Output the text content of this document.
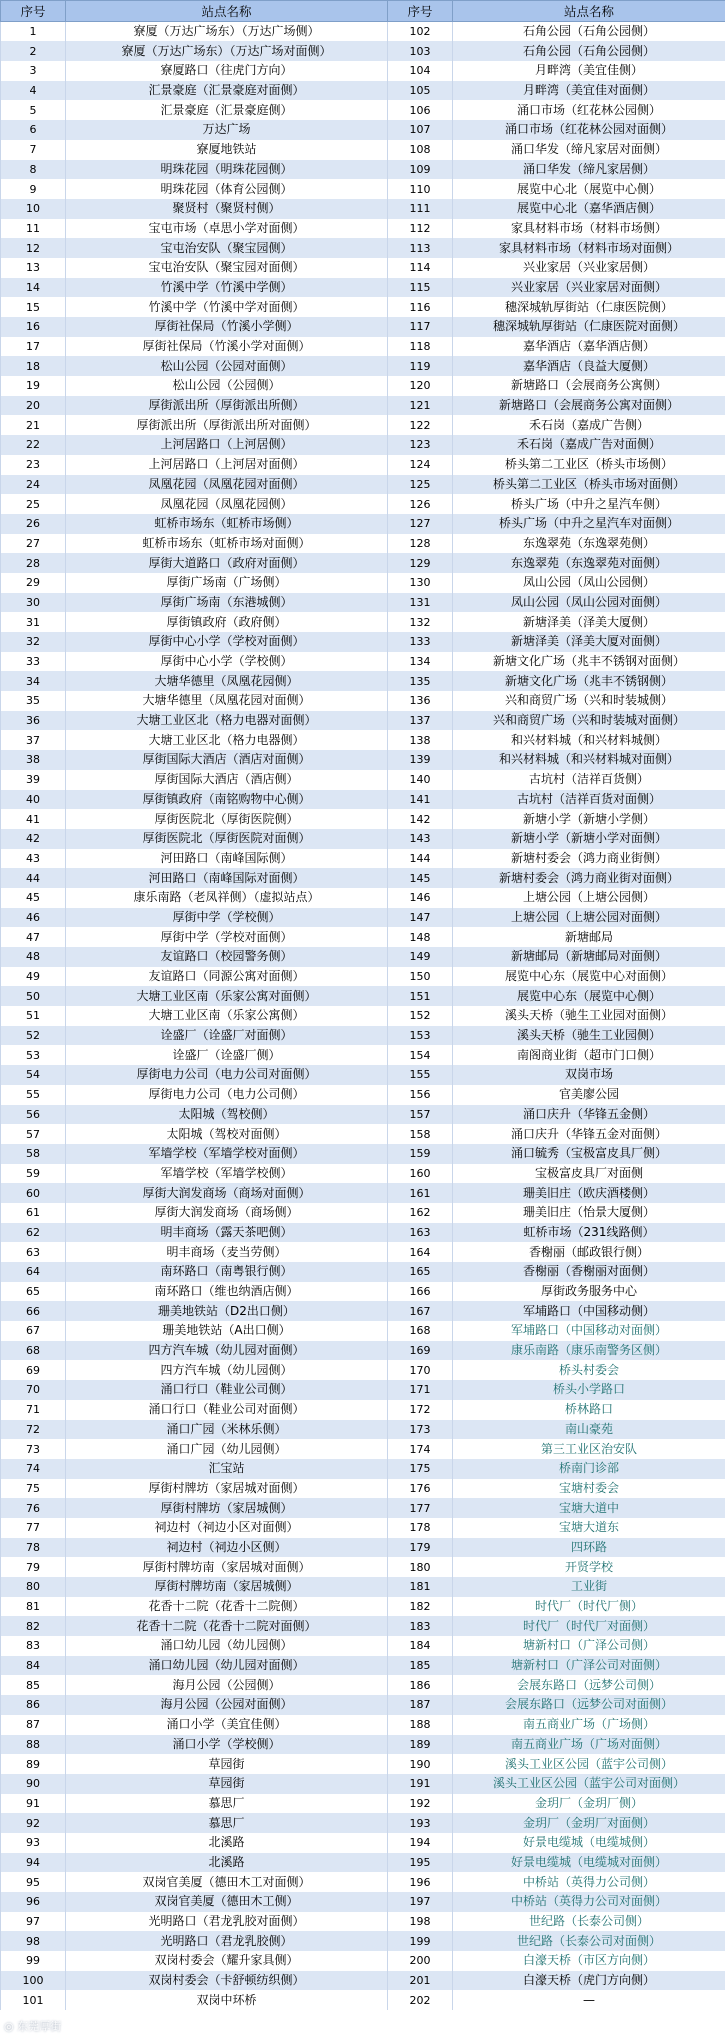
序号	站点名称	序号	站点名称
1	寮厦（万达广场东）（万达广场侧）	102	石角公园（石角公园侧）
2	寮厦（万达广场东）（万达广场对面侧）	103	石角公园（石角公园侧）
3	寮厦路口（往虎门方向）	104	月畔湾（美宜佳侧）
4	汇景豪庭（汇景豪庭对面侧）	105	月畔湾（美宜佳对面侧）
5	汇景豪庭（汇景豪庭侧）	106	涌口市场（红花林公园侧）
6	万达广场	107	涌口市场（红花林公园对面侧）
7	寮厦地铁站	108	涌口华发（缔凡家居对面侧）
8	明珠花园（明珠花园侧）	109	涌口华发（缔凡家居侧）
9	明珠花园（体育公园侧）	110	展览中心北（展览中心侧）
10	聚贤村（聚贤村侧）	111	展览中心北（嘉华酒店侧）
11	宝屯市场（卓思小学对面侧）	112	家具材料市场（材料市场侧）
12	宝屯治安队（聚宝园侧）	113	家具材料市场（材料市场对面侧）
13	宝屯治安队（聚宝园对面侧）	114	兴业家居（兴业家居侧）
14	竹溪中学（竹溪中学侧）	115	兴业家居（兴业家居对面侧）
15	竹溪中学（竹溪中学对面侧）	116	穗深城轨厚街站（仁康医院侧）
16	厚街社保局（竹溪小学侧）	117	穗深城轨厚街站（仁康医院对面侧）
17	厚街社保局（竹溪小学对面侧）	118	嘉华酒店（嘉华酒店侧）
18	松山公园（公园对面侧）	119	嘉华酒店（良益大厦侧）
19	松山公园（公园侧）	120	新塘路口（会展商务公寓侧）
20	厚街派出所（厚街派出所侧）	121	新塘路口（会展商务公寓对面侧）
21	厚街派出所（厚街派出所对面侧）	122	禾石岗（嘉成广告侧）
22	上河居路口（上河居侧）	123	禾石岗（嘉成广告对面侧）
23	上河居路口（上河居对面侧）	124	桥头第二工业区（桥头市场侧）
24	凤凰花园（凤凰花园对面侧）	125	桥头第二工业区（桥头市场对面侧）
25	凤凰花园（凤凰花园侧）	126	桥头广场（中升之星汽车侧）
26	虹桥市场东（虹桥市场侧）	127	桥头广场（中升之星汽车对面侧）
27	虹桥市场东（虹桥市场对面侧）	128	东逸翠苑（东逸翠苑侧）
28	厚街大道路口（政府对面侧）	129	东逸翠苑（东逸翠苑对面侧）
29	厚街广场南（广场侧）	130	凤山公园（凤山公园侧）
30	厚街广场南（东港城侧）	131	凤山公园（凤山公园对面侧）
31	厚街镇政府（政府侧）	132	新塘泽美（泽美大厦侧）
32	厚街中心小学（学校对面侧）	133	新塘泽美（泽美大厦对面侧）
33	厚街中心小学（学校侧）	134	新塘文化广场（兆丰不锈钢对面侧）
34	大塘华德里（凤凰花园侧）	135	新塘文化广场（兆丰不锈钢侧）
35	大塘华德里（凤凰花园对面侧）	136	兴和商贸广场（兴和时装城侧）
36	大塘工业区北（格力电器对面侧）	137	兴和商贸广场（兴和时装城对面侧）
37	大塘工业区北（格力电器侧）	138	和兴材料城（和兴材料城侧）
38	厚街国际大酒店（酒店对面侧）	139	和兴材料城（和兴材料城对面侧）
39	厚街国际大酒店（酒店侧）	140	古坑村（洁祥百货侧）
40	厚街镇政府（南铭购物中心侧）	141	古坑村（洁祥百货对面侧）
41	厚街医院北（厚街医院侧）	142	新塘小学（新塘小学侧）
42	厚街医院北（厚街医院对面侧）	143	新塘小学（新塘小学对面侧）
43	河田路口（南峰国际侧）	144	新塘村委会（鸿力商业街侧）
44	河田路口（南峰国际对面侧）	145	新塘村委会（鸿力商业街对面侧）
45	康乐南路（老凤祥侧）（虚拟站点）	146	上塘公园（上塘公园侧）
46	厚街中学（学校侧）	147	上塘公园（上塘公园对面侧）
47	厚街中学（学校对面侧）	148	新塘邮局
48	友谊路口（校园警务侧）	149	新塘邮局（新塘邮局对面侧）
49	友谊路口（同源公寓对面侧）	150	展览中心东（展览中心对面侧）
50	大塘工业区南（乐家公寓对面侧）	151	展览中心东（展览中心侧）
51	大塘工业区南（乐家公寓侧）	152	溪头天桥（驰生工业园对面侧）
52	诠盛厂（诠盛厂对面侧）	153	溪头天桥（驰生工业园侧）
53	诠盛厂（诠盛厂侧）	154	南阁商业街（超市门口侧）
54	厚街电力公司（电力公司对面侧）	155	双岗市场
55	厚街电力公司（电力公司侧）	156	官美廖公园
56	太阳城（驾校侧）	157	涌口庆升（华锋五金侧）
57	太阳城（驾校对面侧）	158	涌口庆升（华锋五金对面侧）
58	军墙学校（军墙学校对面侧）	159	涌口毓秀（宝极富皮具厂侧）
59	军墙学校（军墙学校侧）	160	宝极富皮具厂对面侧
60	厚街大润发商场（商场对面侧）	161	珊美旧庄（欧庆酒楼侧）
61	厚街大润发商场（商场侧）	162	珊美旧庄（怡景大厦侧）
62	明丰商场（露天茶吧侧）	163	虹桥市场（231线路侧）
63	明丰商场（麦当劳侧）	164	香榭丽（邮政银行侧）
64	南环路口（南粤银行侧）	165	香榭丽（香榭丽对面侧）
65	南环路口（维也纳酒店侧）	166	厚街政务服务中心
66	珊美地铁站（D2出口侧）	167	军埔路口（中国移动侧）
67	珊美地铁站（A出口侧）	168	军埔路口（中国移动对面侧）
68	四方汽车城（幼儿园对面侧）	169	康乐南路（康乐南警务区侧）
69	四方汽车城（幼儿园侧）	170	桥头村委会
70	涌口行口（鞋业公司侧）	171	桥头小学路口
71	涌口行口（鞋业公司对面侧）	172	桥林路口
72	涌口广园（米林乐侧）	173	南山豪苑
73	涌口广园（幼儿园侧）	174	第三工业区治安队
74	汇宝站	175	桥南门诊部
75	厚街村牌坊（家居城对面侧）	176	宝塘村委会
76	厚街村牌坊（家居城侧）	177	宝塘大道中
77	祠边村（祠边小区对面侧）	178	宝塘大道东
78	祠边村（祠边小区侧）	179	四环路
79	厚街村牌坊南（家居城对面侧）	180	开贤学校
80	厚街村牌坊南（家居城侧）	181	工业街
81	花香十二院（花香十二院侧）	182	时代厂（时代厂侧）
82	花香十二院（花香十二院对面侧）	183	时代厂（时代厂对面侧）
83	涌口幼儿园（幼儿园侧）	184	塘新村口（广泽公司侧）
84	涌口幼儿园（幼儿园对面侧）	185	塘新村口（广泽公司对面侧）
85	海月公园（公园侧）	186	会展东路口（远梦公司侧）
86	海月公园（公园对面侧）	187	会展东路口（远梦公司对面侧）
87	涌口小学（美宜佳侧）	188	南五商业广场（广场侧）
88	涌口小学（学校侧）	189	南五商业广场（广场对面侧）
89	草园街	190	溪头工业区公园（蓝宇公司侧）
90	草园街	191	溪头工业区公园（蓝宇公司对面侧）
91	慕思厂	192	金玥厂（金玥厂侧）
92	慕思厂	193	金玥厂（金玥厂对面侧）
93	北溪路	194	好景电缆城（电缆城侧）
94	北溪路	195	好景电缆城（电缆城对面侧）
95	双岗官美厦（德田木工对面侧）	196	中桥站（英得力公司侧）
96	双岗官美厦（德田木工侧）	197	中桥站（英得力公司对面侧）
97	光明路口（君龙乳胶对面侧）	198	世纪路（长泰公司侧）
98	光明路口（君龙乳胶侧）	199	世纪路（长泰公司对面侧）
99	双岗村委会（耀升家具侧）	200	白濠天桥（市区方向侧）
100	双岗村委会（卡舒顿纺织侧）	201	白濠天桥（虎门方向侧）
101	双岗中环桥	202	—
◎ 东莞厚街
